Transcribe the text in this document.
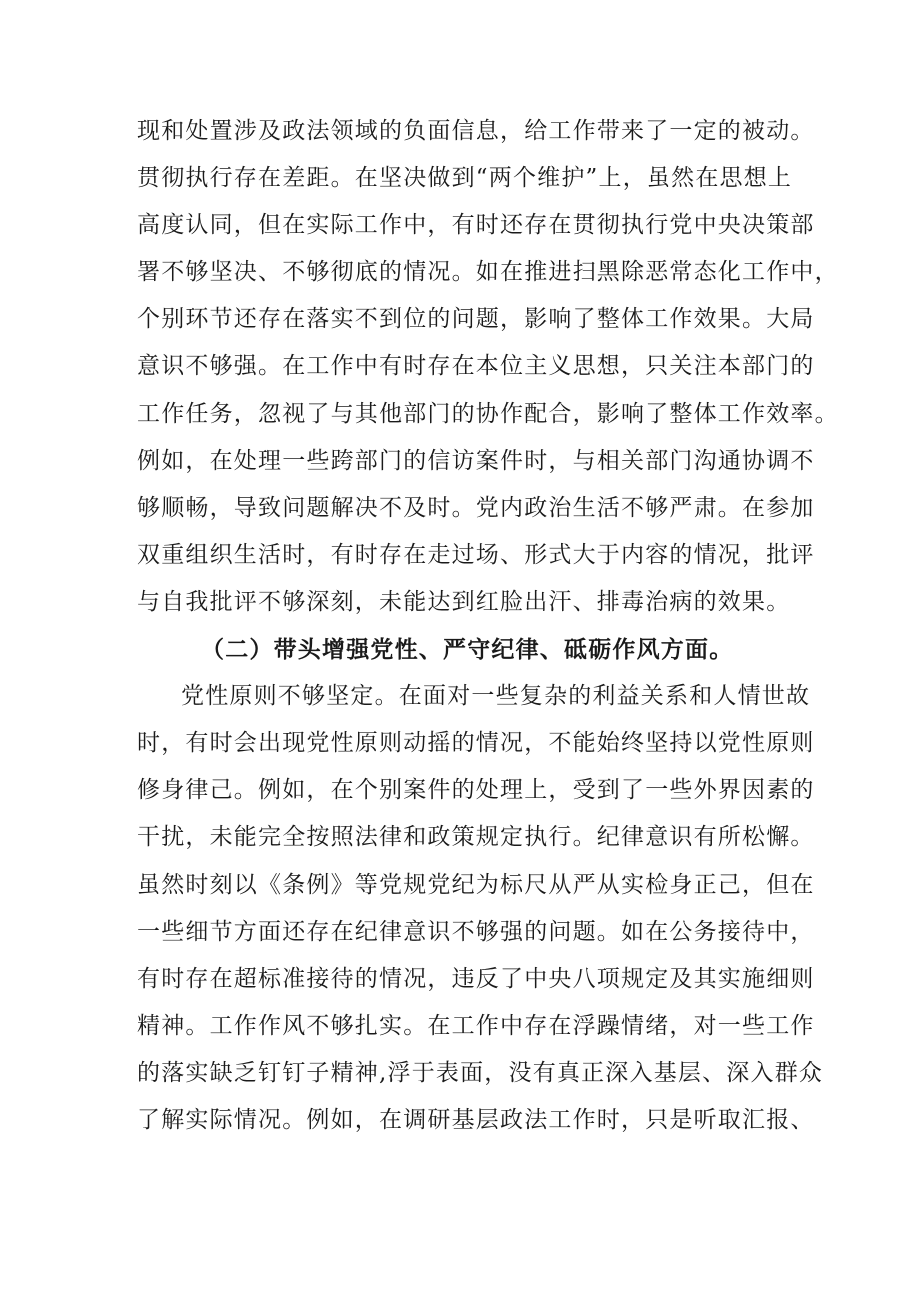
现和处置涉及政法领域的负面信息，给工作带来了一定的被动。
贯彻执行存在差距。在坚决做到“两个维护”上，虽然在思想上
高度认同，但在实际工作中，有时还存在贯彻执行党中央决策部
署不够坚决、不够彻底的情况。如在推进扫黑除恶常态化工作中，
个别环节还存在落实不到位的问题，影响了整体工作效果。大局
意识不够强。在工作中有时存在本位主义思想，只关注本部门的
工作任务，忽视了与其他部门的协作配合，影响了整体工作效率。
例如，在处理一些跨部门的信访案件时，与相关部门沟通协调不
够顺畅，导致问题解决不及时。党内政治生活不够严肃。在参加
双重组织生活时，有时存在走过场、形式大于内容的情况，批评
与自我批评不够深刻，未能达到红脸出汗、排毒治病的效果。
（二）带头增强党性、严守纪律、砥砺作风方面。
党性原则不够坚定。在面对一些复杂的利益关系和人情世故
时，有时会出现党性原则动摇的情况，不能始终坚持以党性原则
修身律己。例如，在个别案件的处理上，受到了一些外界因素的
干扰，未能完全按照法律和政策规定执行。纪律意识有所松懈。
虽然时刻以《条例》等党规党纪为标尺从严从实检身正己，但在
一些细节方面还存在纪律意识不够强的问题。如在公务接待中，
有时存在超标准接待的情况，违反了中央八项规定及其实施细则
精神。工作作风不够扎实。在工作中存在浮躁情绪，对一些工作
的落实缺乏钉钉子精神,浮于表面，没有真正深入基层、深入群众
了解实际情况。例如，在调研基层政法工作时，只是听取汇报、
